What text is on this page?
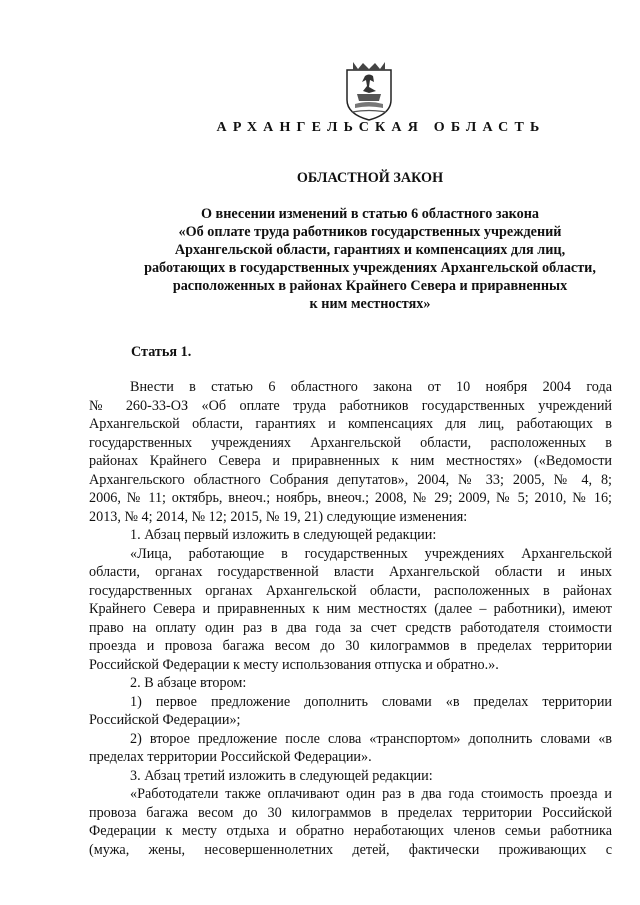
АРХАНГЕЛЬСКАЯ ОБЛАСТЬ
ОБЛАСТНОЙ ЗАКОН
О внесении изменений в статью 6 областного закона
«Об оплате труда работников государственных учреждений
Архангельской области, гарантиях и компенсациях для лиц,
работающих в государственных учреждениях Архангельской области,
расположенных в районах Крайнего Севера и приравненных
к ним местностях»
Статья 1.
Внести в статью 6 областного закона от 10 ноября 2004 года
№ 260-33-ОЗ «Об оплате труда работников государственных учреждений
Архангельской области, гарантиях и компенсациях для лиц, работающих в
государственных учреждениях Архангельской области, расположенных в
районах Крайнего Севера и приравненных к ним местностях» («Ведомости
Архангельского областного Собрания депутатов», 2004, № 33; 2005, № 4, 8;
2006, № 11; октябрь, внеоч.; ноябрь, внеоч.; 2008, № 29; 2009, № 5; 2010, № 16;
2013, № 4; 2014, № 12; 2015, № 19, 21) следующие изменения:
1. Абзац первый изложить в следующей редакции:
«Лица, работающие в государственных учреждениях Архангельской
области, органах государственной власти Архангельской области и иных
государственных органах Архангельской области, расположенных в районах
Крайнего Севера и приравненных к ним местностях (далее – работники), имеют
право на оплату один раз в два года за счет средств работодателя стоимости
проезда и провоза багажа весом до 30 килограммов в пределах территории
Российской Федерации к месту использования отпуска и обратно.».
2. В абзаце втором:
1) первое предложение дополнить словами «в пределах территории
Российской Федерации»;
2) второе предложение после слова «транспортом» дополнить словами «в
пределах территории Российской Федерации».
3. Абзац третий изложить в следующей редакции:
«Работодатели также оплачивают один раз в два года стоимость проезда и
провоза багажа весом до 30 килограммов в пределах территории Российской
Федерации к месту отдыха и обратно неработающих членов семьи работника
(мужа, жены, несовершеннолетних детей, фактически проживающих с
